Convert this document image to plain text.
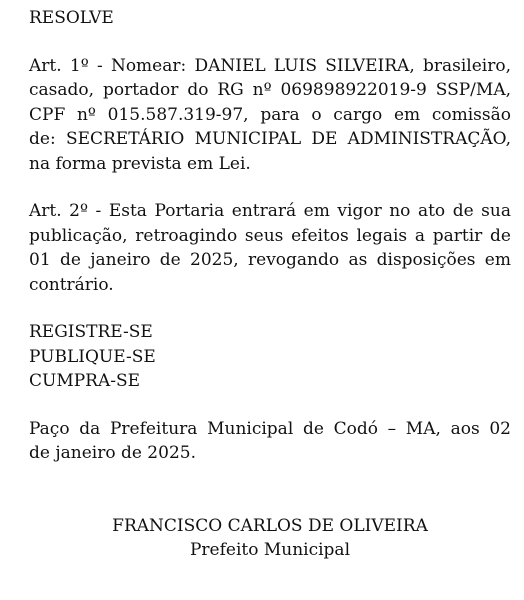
RESOLVE

Art. 1º - Nomear: DANIEL LUIS SILVEIRA, brasileiro,

casado, portador do RG nº 069898922019-9 SSP/MA,

CPF nº 015.587.319-97, para o cargo em comissão

de: SECRETÁRIO MUNICIPAL DE ADMINISTRAÇÃO,

na forma prevista em Lei.

Art. 2º - Esta Portaria entrará em vigor no ato de sua

publicação, retroagindo seus efeitos legais a partir de

01 de janeiro de 2025, revogando as disposições em

contrário.

REGISTRE-SE

PUBLIQUE-SE

CUMPRA-SE

Paço da Prefeitura Municipal de Codó – MA, aos 02

de janeiro de 2025.

FRANCISCO CARLOS DE OLIVEIRA

Prefeito Municipal
